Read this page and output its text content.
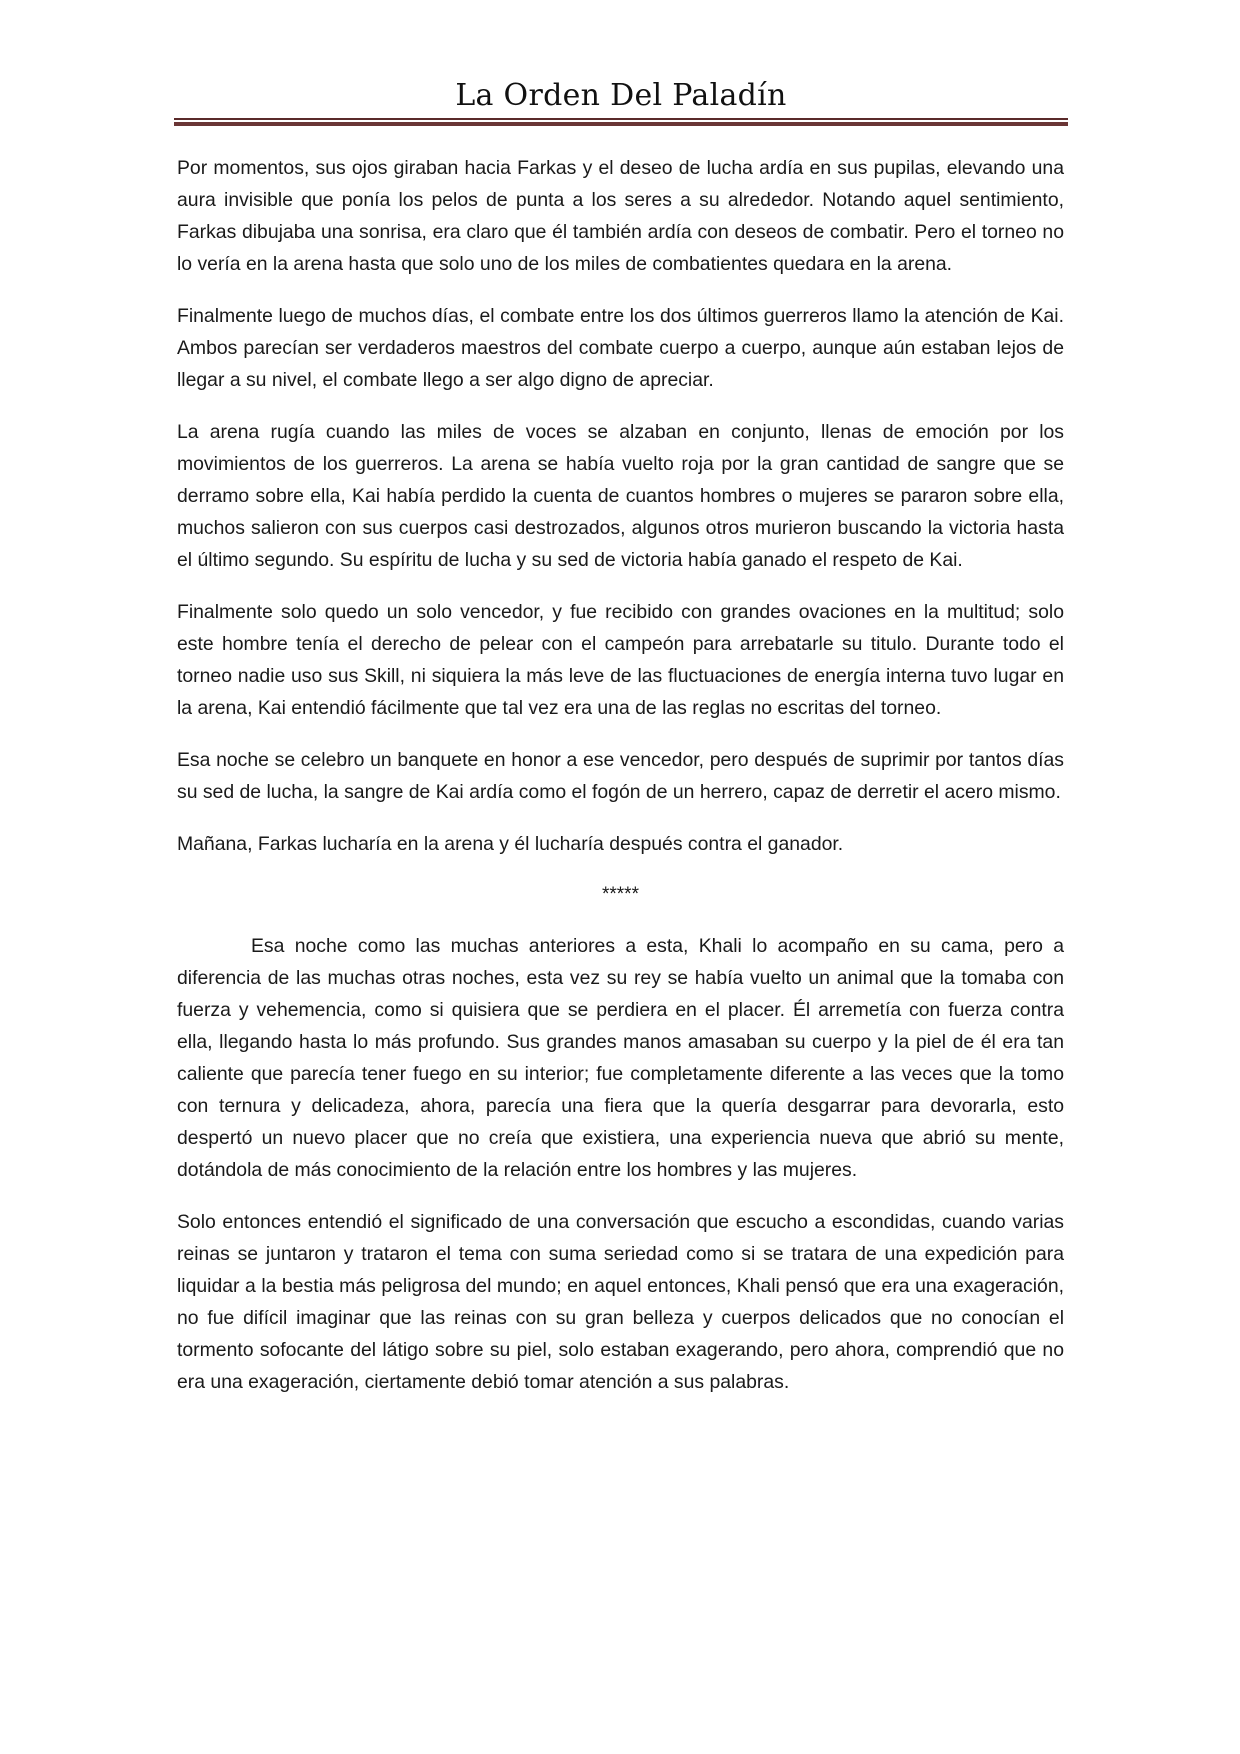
La Orden Del Paladín

Por momentos, sus ojos giraban hacia Farkas y el deseo de lucha ardía en sus pupilas, elevando una aura invisible que ponía los pelos de punta a los seres a su alrededor. Notando aquel sentimiento, Farkas dibujaba una sonrisa, era claro que él también ardía con deseos de combatir. Pero el torneo no lo vería en la arena hasta que solo uno de los miles de combatientes quedara en la arena.

Finalmente luego de muchos días, el combate entre los dos últimos guerreros llamo la atención de Kai. Ambos parecían ser verdaderos maestros del combate cuerpo a cuerpo, aunque aún estaban lejos de llegar a su nivel, el combate llego a ser algo digno de apreciar.

La arena rugía cuando las miles de voces se alzaban en conjunto, llenas de emoción por los movimientos de los guerreros. La arena se había vuelto roja por la gran cantidad de sangre que se derramo sobre ella, Kai había perdido la cuenta de cuantos hombres o mujeres se pararon sobre ella, muchos salieron con sus cuerpos casi destrozados, algunos otros murieron buscando la victoria hasta el último segundo. Su espíritu de lucha y su sed de victoria había ganado el respeto de Kai.

Finalmente solo quedo un solo vencedor, y fue recibido con grandes ovaciones en la multitud; solo este hombre tenía el derecho de pelear con el campeón para arrebatarle su titulo. Durante todo el torneo nadie uso sus Skill, ni siquiera la más leve de las fluctuaciones de energía interna tuvo lugar en la arena, Kai entendió fácilmente que tal vez era una de las reglas no escritas del torneo.

Esa noche se celebro un banquete en honor a ese vencedor, pero después de suprimir por tantos días su sed de lucha, la sangre de Kai ardía como el fogón de un herrero, capaz de derretir el acero mismo.

Mañana, Farkas lucharía en la arena y él lucharía después contra el ganador.

*****

Esa noche como las muchas anteriores a esta, Khali lo acompaño en su cama, pero a diferencia de las muchas otras noches, esta vez su rey se había vuelto un animal que la tomaba con fuerza y vehemencia, como si quisiera que se perdiera en el placer. Él arremetía con fuerza contra ella, llegando hasta lo más profundo. Sus grandes manos amasaban su cuerpo y la piel de él era tan caliente que parecía tener fuego en su interior; fue completamente diferente a las veces que la tomo con ternura y delicadeza, ahora, parecía una fiera que la quería desgarrar para devorarla, esto despertó un nuevo placer que no creía que existiera, una experiencia nueva que abrió su mente, dotándola de más conocimiento de la relación entre los hombres y las mujeres.

Solo entonces entendió el significado de una conversación que escucho a escondidas, cuando varias reinas se juntaron y trataron el tema con suma seriedad como si se tratara de una expedición para liquidar a la bestia más peligrosa del mundo; en aquel entonces, Khali pensó que era una exageración, no fue difícil imaginar que las reinas con su gran belleza y cuerpos delicados que no conocían el tormento sofocante del látigo sobre su piel, solo estaban exagerando, pero ahora, comprendió que no era una exageración, ciertamente debió tomar atención a sus palabras.
